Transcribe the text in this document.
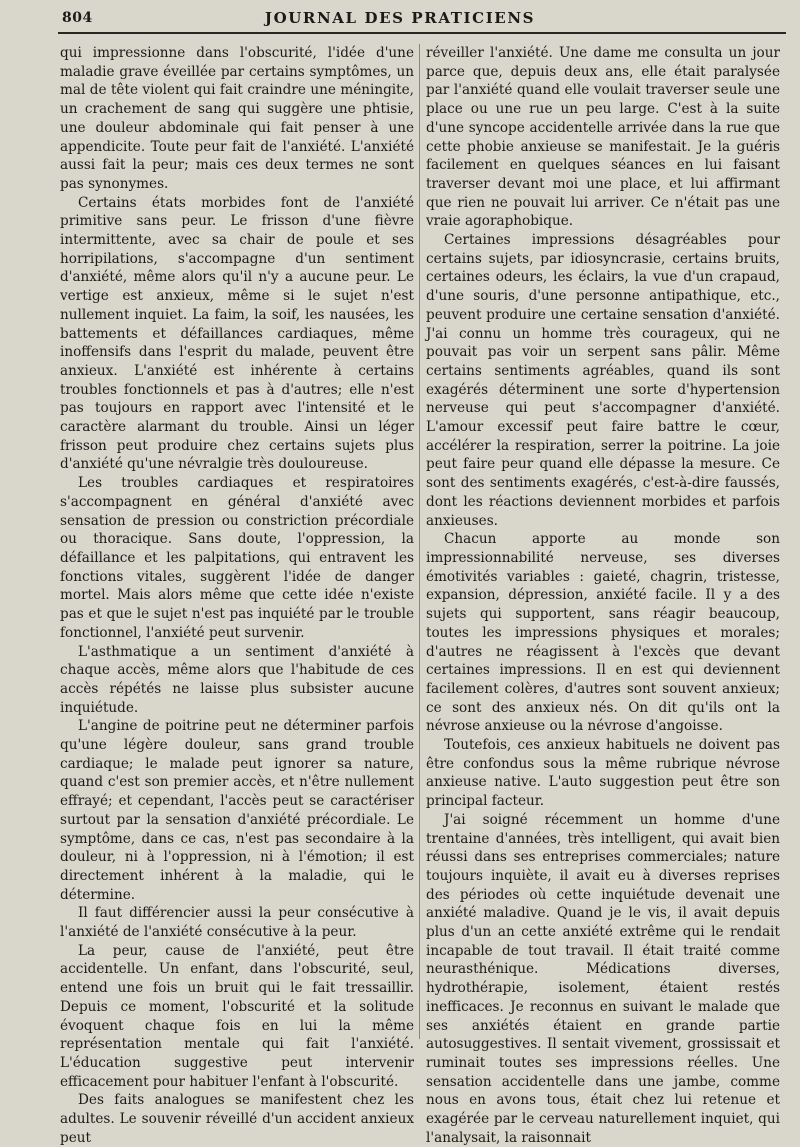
804	JOURNAL DES PRATICIENS

qui impressionne dans l'obscurité, l'idée d'une maladie grave éveillée par certains symptômes, un mal de tête violent qui fait craindre une méningite, un crachement de sang qui suggère une phtisie, une douleur abdominale qui fait penser à une appendicite. Toute peur fait de l'anxiété. L'anxiété aussi fait la peur; mais ces deux termes ne sont pas synonymes.

Certains états morbides font de l'anxiété primitive sans peur. Le frisson d'une fièvre intermittente, avec sa chair de poule et ses horripilations, s'accompagne d'un sentiment d'anxiété, même alors qu'il n'y a aucune peur. Le vertige est anxieux, même si le sujet n'est nullement inquiet. La faim, la soif, les nausées, les battements et défaillances cardiaques, même inoffensifs dans l'esprit du malade, peuvent être anxieux. L'anxiété est inhérente à certains troubles fonctionnels et pas à d'autres; elle n'est pas toujours en rapport avec l'intensité et le caractère alarmant du trouble. Ainsi un léger frisson peut produire chez certains sujets plus d'anxiété qu'une névralgie très douloureuse.

Les troubles cardiaques et respiratoires s'accompagnent en général d'anxiété avec sensation de pression ou constriction précordiale ou thoracique. Sans doute, l'oppression, la défaillance et les palpitations, qui entravent les fonctions vitales, suggèrent l'idée de danger mortel. Mais alors même que cette idée n'existe pas et que le sujet n'est pas inquiété par le trouble fonctionnel, l'anxiété peut survenir.

L'asthmatique a un sentiment d'anxiété à chaque accès, même alors que l'habitude de ces accès répétés ne laisse plus subsister aucune inquiétude.

L'angine de poitrine peut ne déterminer parfois qu'une légère douleur, sans grand trouble cardiaque; le malade peut ignorer sa nature, quand c'est son premier accès, et n'être nullement effrayé; et cependant, l'accès peut se caractériser surtout par la sensation d'anxiété précordiale. Le symptôme, dans ce cas, n'est pas secondaire à la douleur, ni à l'oppression, ni à l'émotion; il est directement inhérent à la maladie, qui le détermine.

Il faut différencier aussi la peur consécutive à l'anxiété de l'anxiété consécutive à la peur.

La peur, cause de l'anxiété, peut être accidentelle. Un enfant, dans l'obscurité, seul, entend une fois un bruit qui le fait tressaillir. Depuis ce moment, l'obscurité et la solitude évoquent chaque fois en lui la même représentation mentale qui fait l'anxiété. L'éducation suggestive peut intervenir efficacement pour habituer l'enfant à l'obscurité.

Des faits analogues se manifestent chez les adultes. Le souvenir réveillé d'un accident anxieux peut

réveiller l'anxiété. Une dame me consulta un jour parce que, depuis deux ans, elle était paralysée par l'anxiété quand elle voulait traverser seule une place ou une rue un peu large. C'est à la suite d'une syncope accidentelle arrivée dans la rue que cette phobie anxieuse se manifestait. Je la guéris facilement en quelques séances en lui faisant traverser devant moi une place, et lui affirmant que rien ne pouvait lui arriver. Ce n'était pas une vraie agoraphobique.

Certaines impressions désagréables pour certains sujets, par idiosyncrasie, certains bruits, certaines odeurs, les éclairs, la vue d'un crapaud, d'une souris, d'une personne antipathique, etc., peuvent produire une certaine sensation d'anxiété. J'ai connu un homme très courageux, qui ne pouvait pas voir un serpent sans pâlir. Même certains sentiments agréables, quand ils sont exagérés déterminent une sorte d'hypertension nerveuse qui peut s'accompagner d'anxiété. L'amour excessif peut faire battre le cœur, accélérer la respiration, serrer la poitrine. La joie peut faire peur quand elle dépasse la mesure. Ce sont des sentiments exagérés, c'est-à-dire faussés, dont les réactions deviennent morbides et parfois anxieuses.

Chacun apporte au monde son impressionnabilité nerveuse, ses diverses émotivités variables : gaieté, chagrin, tristesse, expansion, dépression, anxiété facile. Il y a des sujets qui supportent, sans réagir beaucoup, toutes les impressions physiques et morales; d'autres ne réagissent à l'excès que devant certaines impressions. Il en est qui deviennent facilement colères, d'autres sont souvent anxieux; ce sont des anxieux nés. On dit qu'ils ont la névrose anxieuse ou la névrose d'angoisse.

Toutefois, ces anxieux habituels ne doivent pas être confondus sous la même rubrique névrose anxieuse native. L'auto suggestion peut être son principal facteur.

J'ai soigné récemment un homme d'une trentaine d'années, très intelligent, qui avait bien réussi dans ses entreprises commerciales; nature toujours inquiète, il avait eu à diverses reprises des périodes où cette inquiétude devenait une anxiété maladive. Quand je le vis, il avait depuis plus d'un an cette anxiété extrême qui le rendait incapable de tout travail. Il était traité comme neurasthénique. Médications diverses, hydrothérapie, isolement, étaient restés inefficaces. Je reconnus en suivant le malade que ses anxiétés étaient en grande partie autosuggestives. Il sentait vivement, grossissait et ruminait toutes ses impressions réelles. Une sensation accidentelle dans une jambe, comme nous en avons tous, était chez lui retenue et exagérée par le cerveau naturellement inquiet, qui l'analysait, la raisonnait
